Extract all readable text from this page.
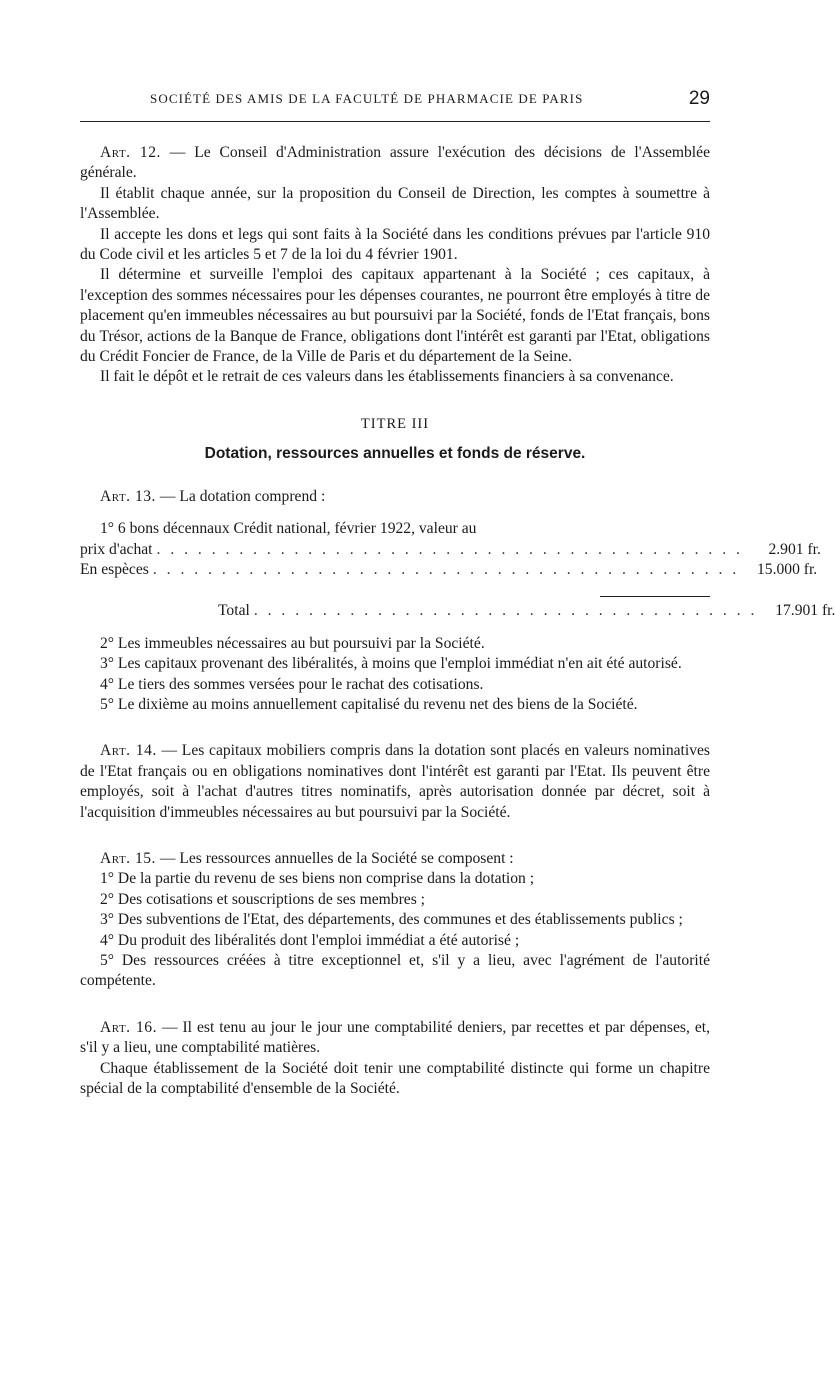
SOCIÉTÉ DES AMIS DE LA FACULTÉ DE PHARMACIE DE PARIS	29

Art. 12. — Le Conseil d'Administration assure l'exécution des décisions de l'Assemblée générale.

Il établit chaque année, sur la proposition du Conseil de Direction, les comptes à soumettre à l'Assemblée.

Il accepte les dons et legs qui sont faits à la Société dans les conditions prévues par l'article 910 du Code civil et les articles 5 et 7 de la loi du 4 février 1901.

Il détermine et surveille l'emploi des capitaux appartenant à la Société ; ces capitaux, à l'exception des sommes nécessaires pour les dépenses courantes, ne pourront être employés à titre de placement qu'en immeubles nécessaires au but poursuivi par la Société, fonds de l'Etat français, bons du Trésor, actions de la Banque de France, obligations dont l'intérêt est garanti par l'Etat, obligations du Crédit Foncier de France, de la Ville de Paris et du département de la Seine.

Il fait le dépôt et le retrait de ces valeurs dans les établissements financiers à sa convenance.

TITRE III

Dotation, ressources annuelles et fonds de réserve.

Art. 13. — La dotation comprend :

1° 6 bons décennaux Crédit national, février 1922, valeur au

prix d'achat . . . . . . . . . . . . . . . . . . . . . . . . . . . . . . . . . . . . . . . . . . .	2.901 fr.
En espèces . . . . . . . . . . . . . . . . . . . . . . . . . . . . . . . . . . . . . . . . . . .	15.000 fr.
Total . . . . . . . . . . . . . . . . . . . . . . . . . . . . . . . . . . . . .	17.901 fr.

2° Les immeubles nécessaires au but poursuivi par la Société.

3° Les capitaux provenant des libéralités, à moins que l'emploi immédiat n'en ait été autorisé.

4° Le tiers des sommes versées pour le rachat des cotisations.

5° Le dixième au moins annuellement capitalisé du revenu net des biens de la Société.

Art. 14. — Les capitaux mobiliers compris dans la dotation sont placés en valeurs nominatives de l'Etat français ou en obligations nominatives dont l'intérêt est garanti par l'Etat. Ils peuvent être employés, soit à l'achat d'autres titres nominatifs, après autorisation donnée par décret, soit à l'acquisition d'immeubles nécessaires au but poursuivi par la Société.

Art. 15. — Les ressources annuelles de la Société se composent :

1° De la partie du revenu de ses biens non comprise dans la dotation ;

2° Des cotisations et souscriptions de ses membres ;

3° Des subventions de l'Etat, des départements, des communes et des établissements publics ;

4° Du produit des libéralités dont l'emploi immédiat a été autorisé ;

5° Des ressources créées à titre exceptionnel et, s'il y a lieu, avec l'agrément de l'autorité compétente.

Art. 16. — Il est tenu au jour le jour une comptabilité deniers, par recettes et par dépenses, et, s'il y a lieu, une comptabilité matières.

Chaque établissement de la Société doit tenir une comptabilité distincte qui forme un chapitre spécial de la comptabilité d'ensemble de la Société.
